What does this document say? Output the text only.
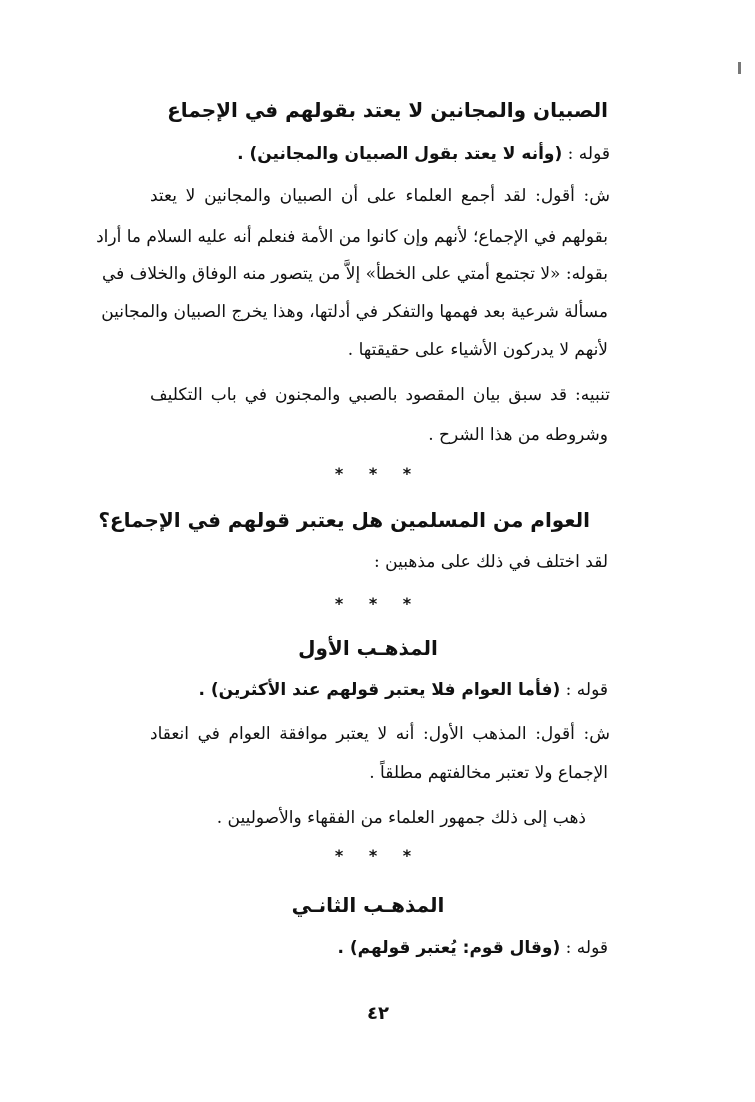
الصبيان والمجانين لا يعتد بقولهم في الإجماع
قوله : (وأنه لا يعتد بقول الصبيان والمجانين) .
ش: أقول: لقد أجمع العلماء على أن الصبيان والمجانين لا يعتد
بقولهم في الإجماع؛ لأنهم وإن كانوا من الأمة فنعلم أنه عليه السلام ما أراد
بقوله: «لا تجتمع أمتي على الخطأ» إلاَّ من يتصور منه الوفاق والخلاف في
مسألة شرعية بعد فهمها والتفكر في أدلتها، وهذا يخرج الصبيان والمجانين
لأنهم لا يدركون الأشياء على حقيقتها .
تنبيه: قد سبق بيان المقصود بالصبي والمجنون في باب التكليف
وشروطه من هذا الشرح .
* * *
العوام من المسلمين هل يعتبر قولهم في الإجماع؟
لقد اختلف في ذلك على مذهبين :
* * *
المذهـب الأول
قوله : (فأما العوام فلا يعتبر قولهم عند الأكثرين) .
ش: أقول: المذهب الأول: أنه لا يعتبر موافقة العوام في انعقاد
الإجماع ولا تعتبر مخالفتهم مطلقاً .
ذهب إلى ذلك جمهور العلماء من الفقهاء والأصوليين .
* * *
المذهـب الثانـي
قوله : (وقال قوم: يُعتبر قولهم) .
٤٢
